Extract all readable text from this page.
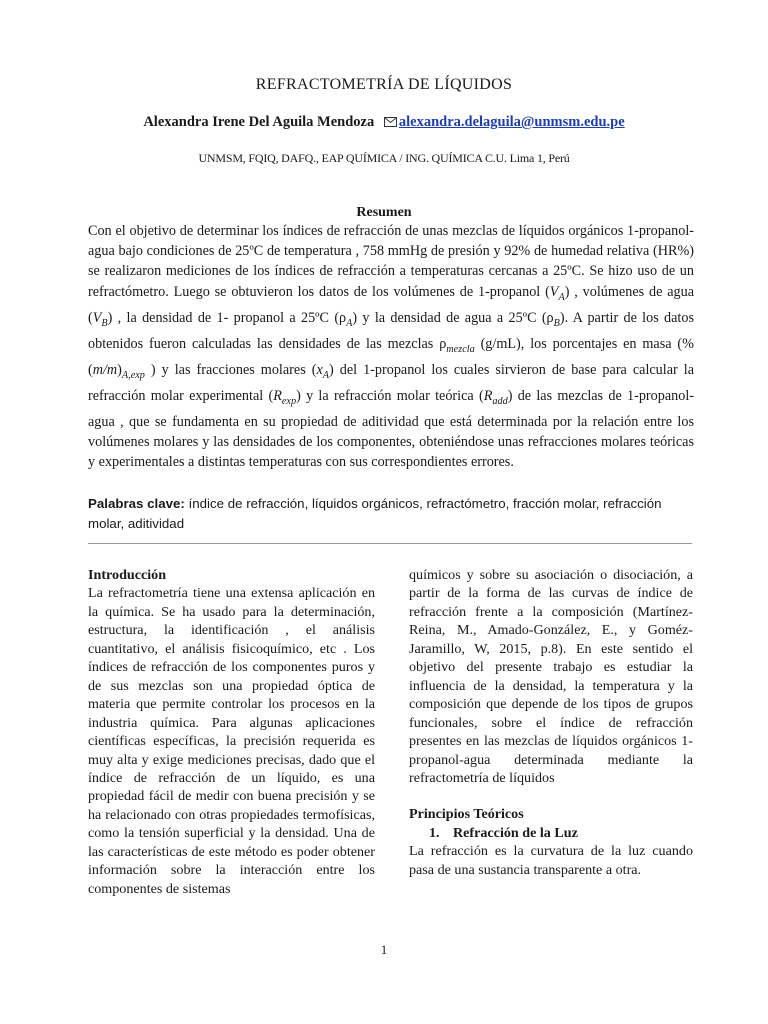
REFRACTOMETRÍA DE LÍQUIDOS
Alexandra Irene Del Aguila Mendoza alexandra.delaguila@unmsm.edu.pe
UNMSM, FQIQ, DAFQ., EAP QUÍMICA / ING. QUÍMICA C.U. Lima 1, Perú
Resumen

Con el objetivo de determinar los índices de refracción de unas mezclas de líquidos orgánicos 1-propanol-agua bajo condiciones de 25ºC de temperatura , 758 mmHg de presión y 92% de humedad relativa (HR%) se realizaron mediciones de los índices de refracción a temperaturas cercanas a 25ºC. Se hizo uso de un refractómetro. Luego se obtuvieron los datos de los volúmenes de 1-propanol $(V_A)$ , volúmenes de agua $(V_B)$ , la densidad de 1- propanol a 25ºC $(\rho_A)$ y la densidad de agua a 25ºC $(\rho_B)$. A partir de los datos obtenidos fueron calculadas las densidades de las mezclas $\rho_{mezcla}$ (g/mL), los porcentajes en masa ($\%(m/m)_{A,exp}$ ) y las fracciones molares $(x_A)$ del 1-propanol los cuales sirvieron de base para calcular la refracción molar experimental $(R_{exp})$ y la refracción molar teórica $(R_{add})$ de las mezclas de 1-propanol-agua , que se fundamenta en su propiedad de aditividad que está determinada por la relación entre los volúmenes molares y las densidades de los componentes, obteniéndose unas refracciones molares teóricas y experimentales a distintas temperaturas con sus correspondientes errores.

Palabras clave: índice de refracción, líquidos orgánicos, refractómetro, fracción molar, refracción molar, aditividad

Introducción

La refractometría tiene una extensa aplicación en la química. Se ha usado para la determinación, estructura, la identificación , el análisis cuantitativo, el análisis fisicoquímico, etc . Los índices de refracción de los componentes puros y de sus mezclas son una propiedad óptica de materia que permite controlar los procesos en la industria química. Para algunas aplicaciones científicas específicas, la precisión requerida es muy alta y exige mediciones precisas, dado que el índice de refracción de un líquido, es una propiedad fácil de medir con buena precisión y se ha relacionado con otras propiedades termofísicas, como la tensión superficial y la densidad. Una de las características de este método es poder obtener información sobre la interacción entre los componentes de sistemas

químicos y sobre su asociación o disociación, a partir de la forma de las curvas de índice de refracción frente a la composición (Martínez-Reina, M., Amado-González, E., y Goméz-Jaramillo, W, 2015, p.8). En este sentido el objetivo del presente trabajo es estudiar la influencia de la densidad, la temperatura y la composición que depende de los tipos de grupos funcionales, sobre el índice de refracción presentes en las mezclas de líquidos orgánicos 1-propanol-agua determinada mediante la refractometría de líquidos

Principios Teóricos

1. Refracción de la Luz

La refracción es la curvatura de la luz cuando pasa de una sustancia transparente a otra.

1
